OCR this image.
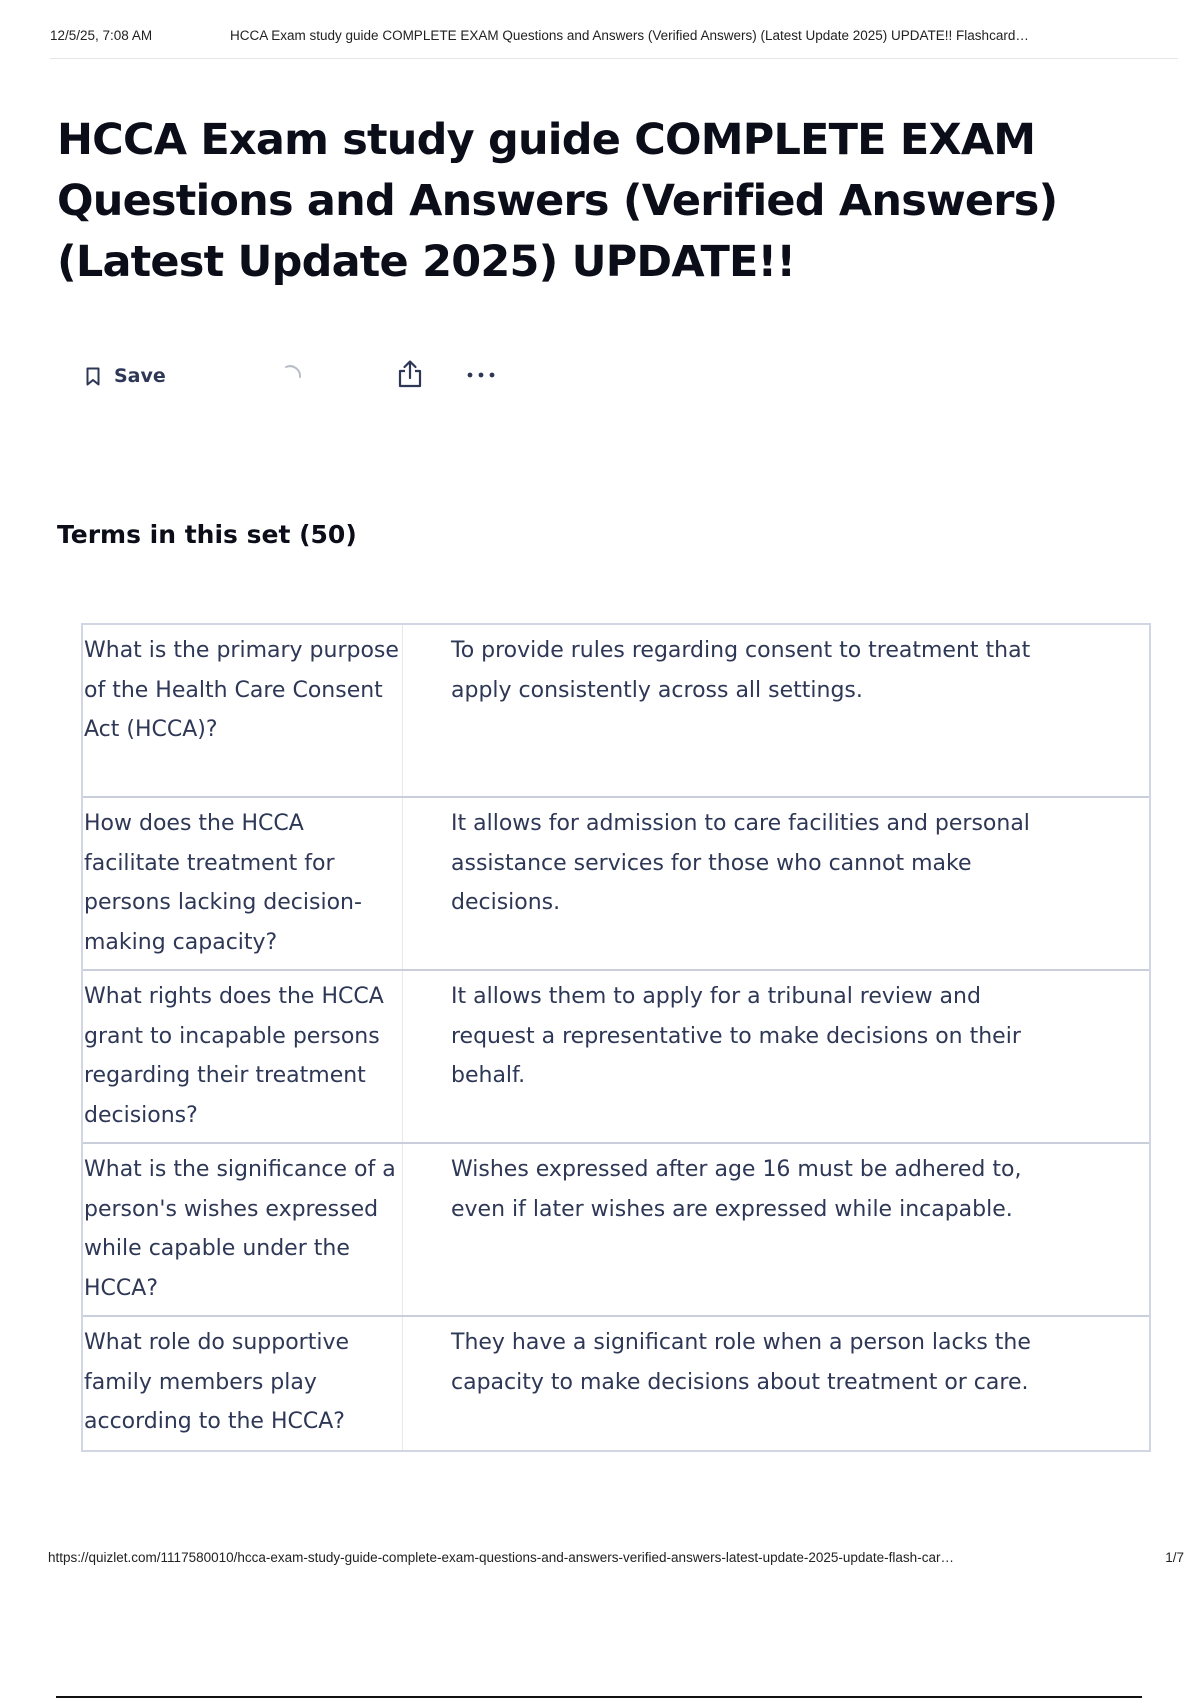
12/5/25, 7:08 AM	HCCA Exam study guide COMPLETE EXAM Questions and Answers (Verified Answers) (Latest Update 2025) UPDATE!! Flashcard…
HCCA Exam study guide COMPLETE EXAM Questions and Answers (Verified Answers) (Latest Update 2025) UPDATE!!
Save
Terms in this set (50)
What is the primary purpose of the Health Care Consent Act (HCCA)?
To provide rules regarding consent to treatment that apply consistently across all settings.
How does the HCCA facilitate treatment for persons lacking decision-making capacity?
It allows for admission to care facilities and personal assistance services for those who cannot make decisions.
What rights does the HCCA grant to incapable persons regarding their treatment decisions?
It allows them to apply for a tribunal review and request a representative to make decisions on their behalf.
What is the significance of a person's wishes expressed while capable under the HCCA?
Wishes expressed after age 16 must be adhered to, even if later wishes are expressed while incapable.
What role do supportive family members play according to the HCCA?
They have a significant role when a person lacks the capacity to make decisions about treatment or care.
https://quizlet.com/1117580010/hcca-exam-study-guide-complete-exam-questions-and-answers-verified-answers-latest-update-2025-update-flash-car…	1/7
